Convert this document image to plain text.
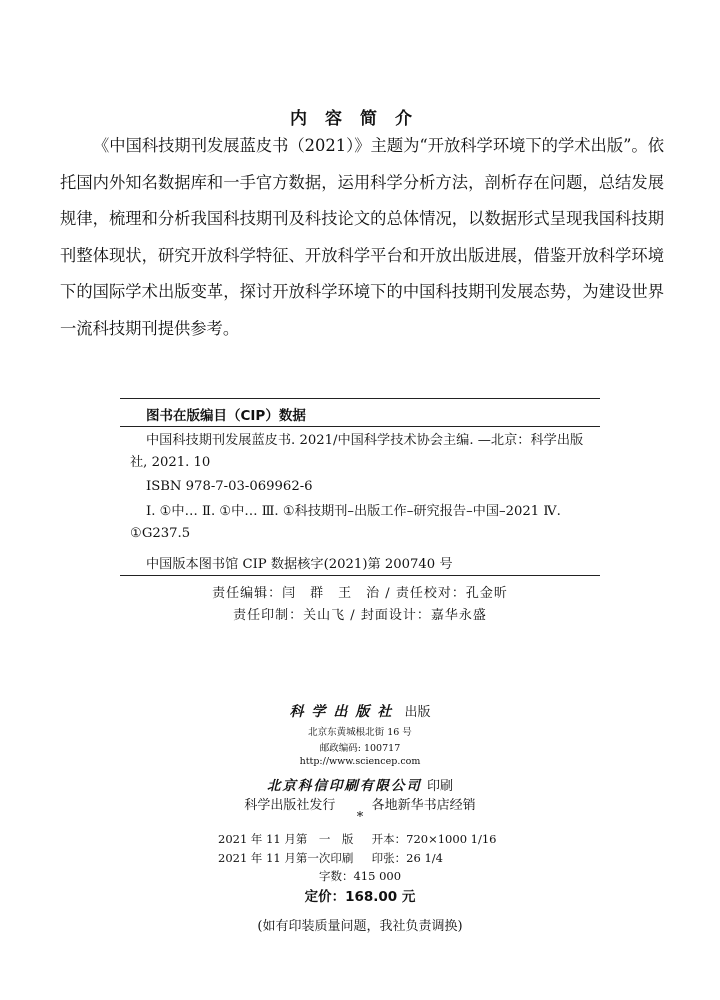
内容简介
《中国科技期刊发展蓝皮书（2021）》主题为“开放科学环境下的学术出版”。依托国内外知名数据库和一手官方数据，运用科学分析方法，剖析存在问题，总结发展规律，梳理和分析我国科技期刊及科技论文的总体情况，以数据形式呈现我国科技期刊整体现状，研究开放科学特征、开放科学平台和开放出版进展，借鉴开放科学环境下的国际学术出版变革，探讨开放科学环境下的中国科技期刊发展态势，为建设世界一流科技期刊提供参考。
图书在版编目（CIP）数据
中国科技期刊发展蓝皮书. 2021/中国科学技术协会主编. —北京：科学出版社, 2021. 10
ISBN 978-7-03-069962-6
Ⅰ. ①中… Ⅱ. ①中… Ⅲ. ①科技期刊–出版工作–研究报告–中国–2021 Ⅳ. ①G237.5
中国版本图书馆 CIP 数据核字(2021)第 200740 号
责任编辑：闫　群　王　治 / 责任校对：孔金昕
责任印制：关山飞 / 封面设计：嘉华永盛
科学出版社 出版
北京东黄城根北街 16 号
邮政编码: 100717
http://www.sciencep.com
北京科信印刷有限公司 印刷
科学出版社发行	各地新华书店经销
*
2021 年 11 月第　一　版 开本：720×1000 1/16
2021 年 11 月第一次印刷 印张：26 1/4
字数：415 000
定价：168.00 元
(如有印装质量问题，我社负责调换)
